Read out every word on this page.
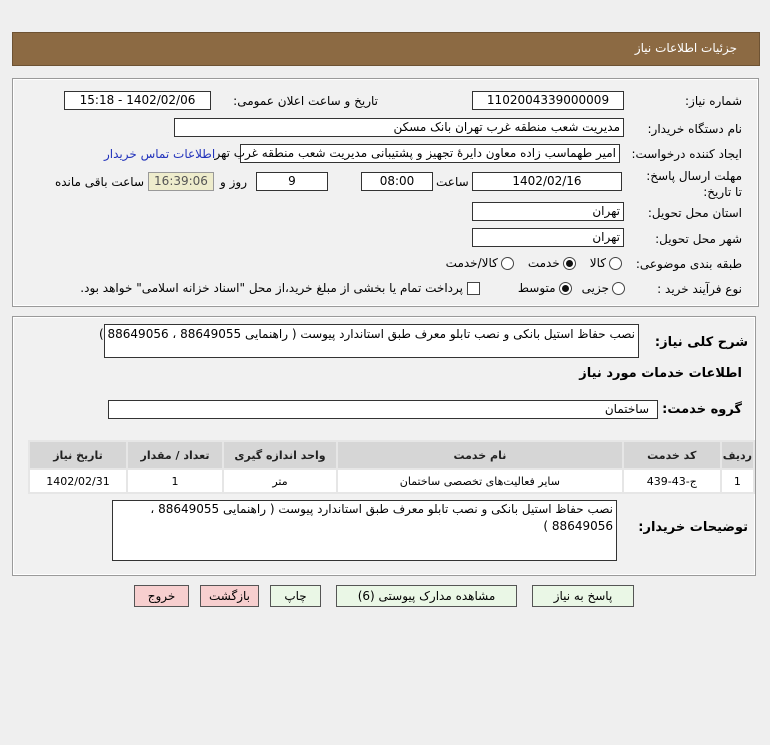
جزئیات اطلاعات نیاز
شماره نیاز:
1102004339000009
تاریخ و ساعت اعلان عمومی:
1402/02/06 - 15:18
نام دستگاه خریدار:
مدیریت شعب منطقه غرب تهران بانک مسکن
ایجاد کننده درخواست:
امیر طهماسب زاده معاون دایرۀ تجهیز و پشتیبانی مدیریت شعب منطقه غرب تهر
اطلاعات تماس خریدار
مهلت ارسال پاسخ: تا تاریخ:
1402/02/16
ساعت
08:00
9
روز و
16:39:06
ساعت باقی مانده
استان محل تحویل:
تهران
شهر محل تحویل:
تهران
طبقه بندی موضوعی:
کالا
خدمت
کالا/خدمت
نوع فرآیند خرید :
جزیی
متوسط
پرداخت تمام یا بخشی از مبلغ خرید،از محل "اسناد خزانه اسلامی" خواهد بود.
شرح کلی نیاز:
نصب حفاظ استیل بانکی و نصب تابلو معرف طبق استاندارد پیوست ( راهنمایی 88649055 ، 88649056 )
اطلاعات خدمات مورد نیاز
گروه خدمت:
ساختمان
ردیف	کد خدمت	نام خدمت	واحد اندازه گیری	تعداد / مقدار	تاریخ نیاز
1	ج-43-439	سایر فعالیت‌های تخصصی ساختمان	متر	1	1402/02/31
توضیحات خریدار:
نصب حفاظ استیل بانکی و نصب تابلو معرف طبق استاندارد پیوست ( راهنمایی 88649055 ، 88649056 )
پاسخ به نیاز
مشاهده مدارک پیوستی (6)
چاپ
بازگشت
خروج
